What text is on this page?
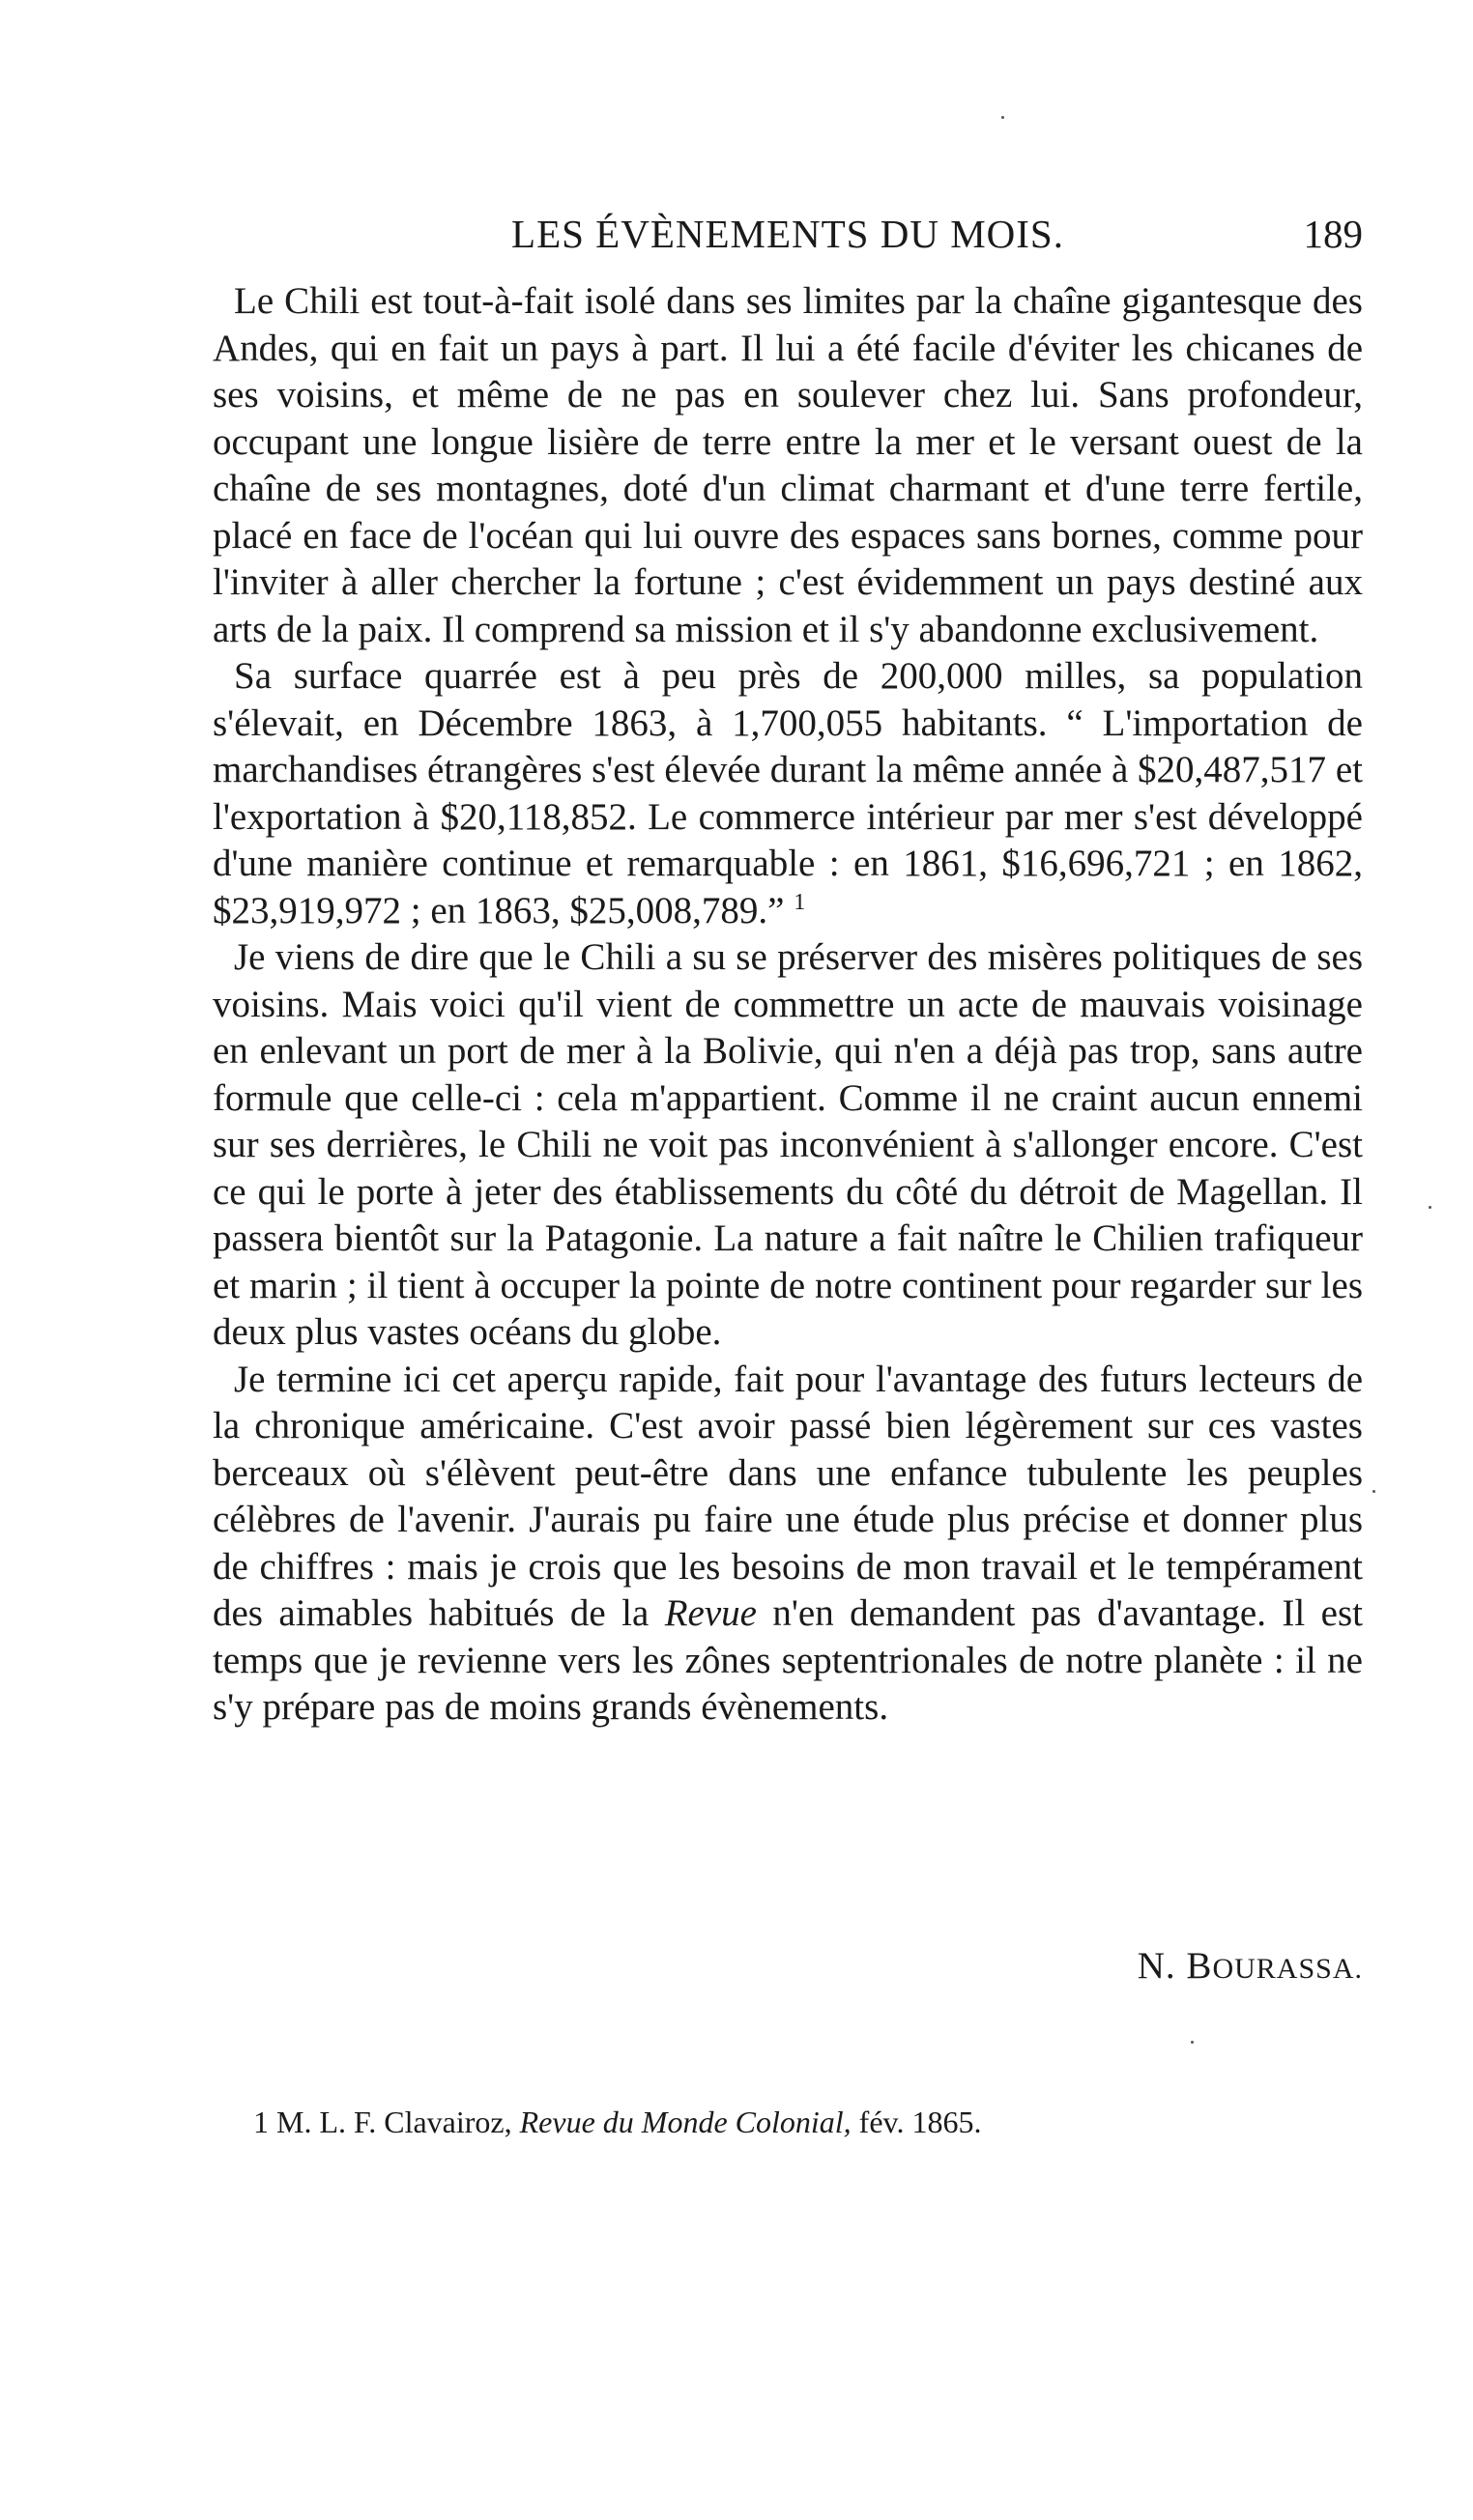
LES ÉVÈNEMENTS DU MOIS.	189

Le Chili est tout-à-fait isolé dans ses limites par la chaîne gigantesque des Andes, qui en fait un pays à part. Il lui a été facile d'éviter les chicanes de ses voisins, et même de ne pas en soulever chez lui. Sans profondeur, occupant une longue lisière de terre entre la mer et le versant ouest de la chaîne de ses montagnes, doté d'un climat charmant et d'une terre fertile, placé en face de l'océan qui lui ouvre des espaces sans bornes, comme pour l'inviter à aller chercher la fortune ; c'est évidemment un pays destiné aux arts de la paix. Il comprend sa mission et il s'y abandonne exclusivement.

Sa surface quarrée est à peu près de 200,000 milles, sa population s'élevait, en Décembre 1863, à 1,700,055 habitants. “ L'importation de marchandises étrangères s'est élevée durant la même année à $20,487,517 et l'exportation à $20,118,852. Le commerce intérieur par mer s'est développé d'une manière continue et remarquable : en 1861, $16,696,721 ; en 1862, $23,919,972 ; en 1863, $25,008,789.” $^1$

Je viens de dire que le Chili a su se préserver des misères politiques de ses voisins. Mais voici qu'il vient de commettre un acte de mauvais voisinage en enlevant un port de mer à la Bolivie, qui n'en a déjà pas trop, sans autre formule que celle-ci : cela m'appartient. Comme il ne craint aucun ennemi sur ses derrières, le Chili ne voit pas inconvénient à s'allonger encore. C'est ce qui le porte à jeter des établissements du côté du détroit de Magellan. Il passera bientôt sur la Patagonie. La nature a fait naître le Chilien trafiqueur et marin ; il tient à occuper la pointe de notre continent pour regarder sur les deux plus vastes océans du globe.

Je termine ici cet aperçu rapide, fait pour l'avantage des futurs lecteurs de la chronique américaine. C'est avoir passé bien légèrement sur ces vastes berceaux où s'élèvent peut-être dans une enfance tubulente les peuples célèbres de l'avenir. J'aurais pu faire une étude plus précise et donner plus de chiffres : mais je crois que les besoins de mon travail et le tempérament des aimables habitués de la Revue n'en demandent pas d'avantage. Il est temps que je revienne vers les zônes septentrionales de notre planète : il ne s'y prépare pas de moins grands évènements.

N. BOURASSA.
1 M. L. F. Clavairoz, Revue du Monde Colonial, fév. 1865.
